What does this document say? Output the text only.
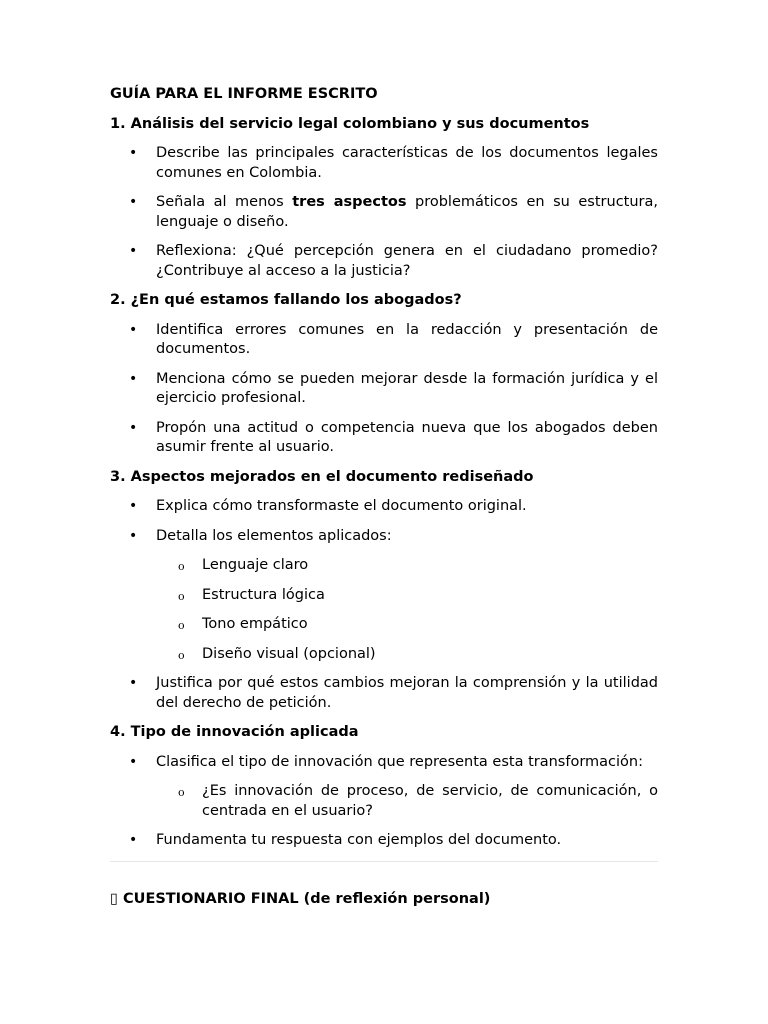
GUÍA PARA EL INFORME ESCRITO
1. Análisis del servicio legal colombiano y sus documentos
• Describe las principales características de los documentos legales comunes en Colombia.
• Señala al menos tres aspectos problemáticos en su estructura, lenguaje o diseño.
• Reflexiona: ¿Qué percepción genera en el ciudadano promedio? ¿Contribuye al acceso a la justicia?
2. ¿En qué estamos fallando los abogados?
• Identifica errores comunes en la redacción y presentación de documentos.
• Menciona cómo se pueden mejorar desde la formación jurídica y el ejercicio profesional.
• Propón una actitud o competencia nueva que los abogados deben asumir frente al usuario.
3. Aspectos mejorados en el documento rediseñado
• Explica cómo transformaste el documento original.
• Detalla los elementos aplicados:
o Lenguaje claro
o Estructura lógica
o Tono empático
o Diseño visual (opcional)
• Justifica por qué estos cambios mejoran la comprensión y la utilidad del derecho de petición.
4. Tipo de innovación aplicada
• Clasifica el tipo de innovación que representa esta transformación:
o ¿Es innovación de proceso, de servicio, de comunicación, o centrada en el usuario?
• Fundamenta tu respuesta con ejemplos del documento.
▯ CUESTIONARIO FINAL (de reflexión personal)
